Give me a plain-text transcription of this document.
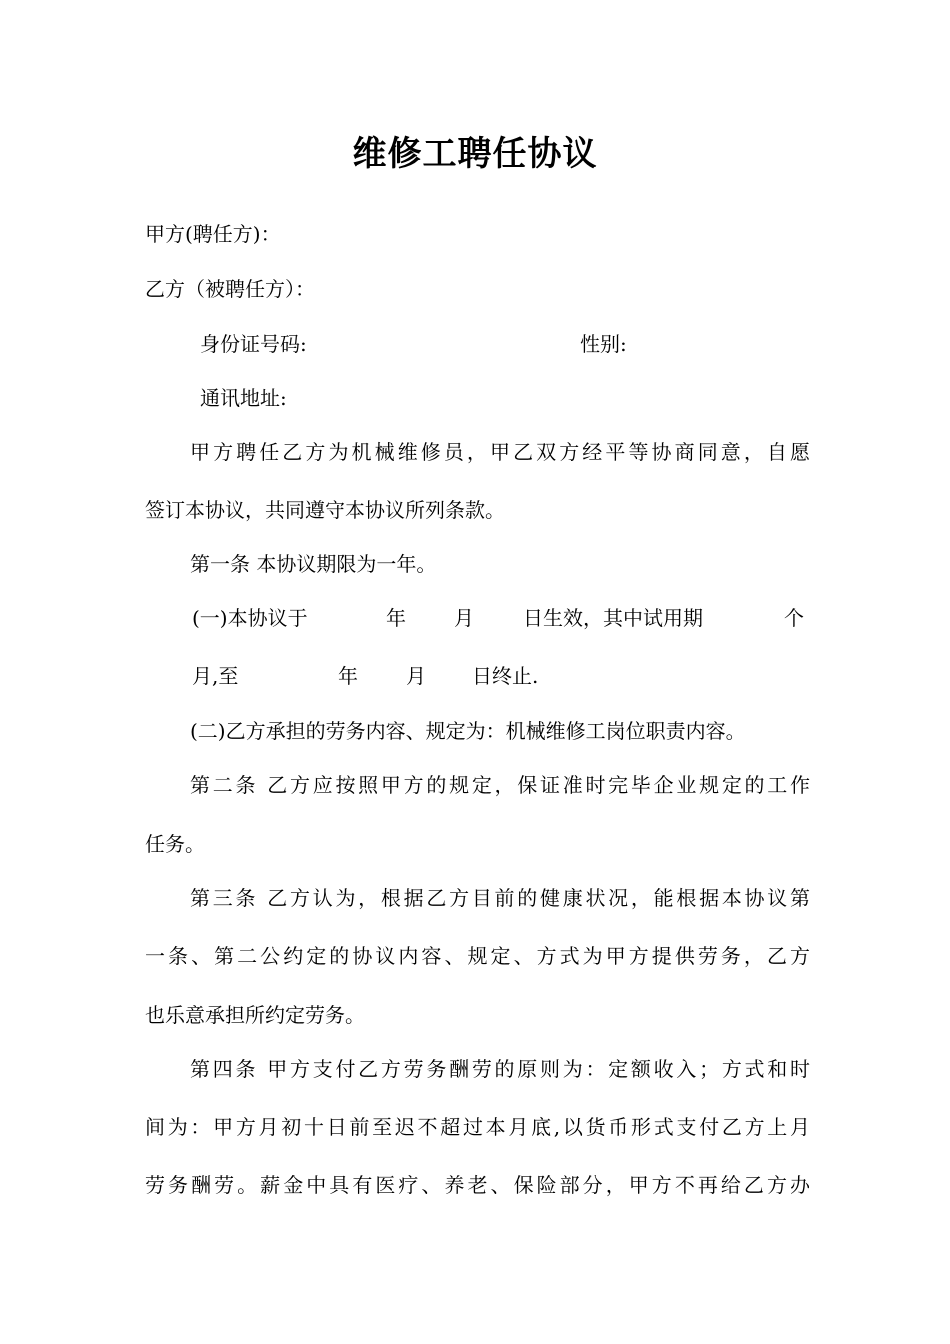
维修工聘任协议
甲方(聘任方)：
乙方（被聘任方）：
身份证号码:	性别:
通讯地址:
甲方聘任乙方为机械维修员，甲乙双方经平等协商同意，自愿
签订本协议，共同遵守本协议所列条款。
第一条 本协议期限为一年。
(一)本协议于	年	月	日生效，其中试用期	个
月,至	年	月	日终止.
(二)乙方承担的劳务内容、规定为：机械维修工岗位职责内容。
第二条 乙方应按照甲方的规定，保证准时完毕企业规定的工作
任务。
第三条 乙方认为，根据乙方目前的健康状况，能根据本协议第
一条、第二公约定的协议内容、规定、方式为甲方提供劳务，乙方
也乐意承担所约定劳务。
第四条 甲方支付乙方劳务酬劳的原则为：定额收入；方式和时
间为：甲方月初十日前至迟不超过本月底,以货币形式支付乙方上月
劳务酬劳。薪金中具有医疗、养老、保险部分，甲方不再给乙方办
